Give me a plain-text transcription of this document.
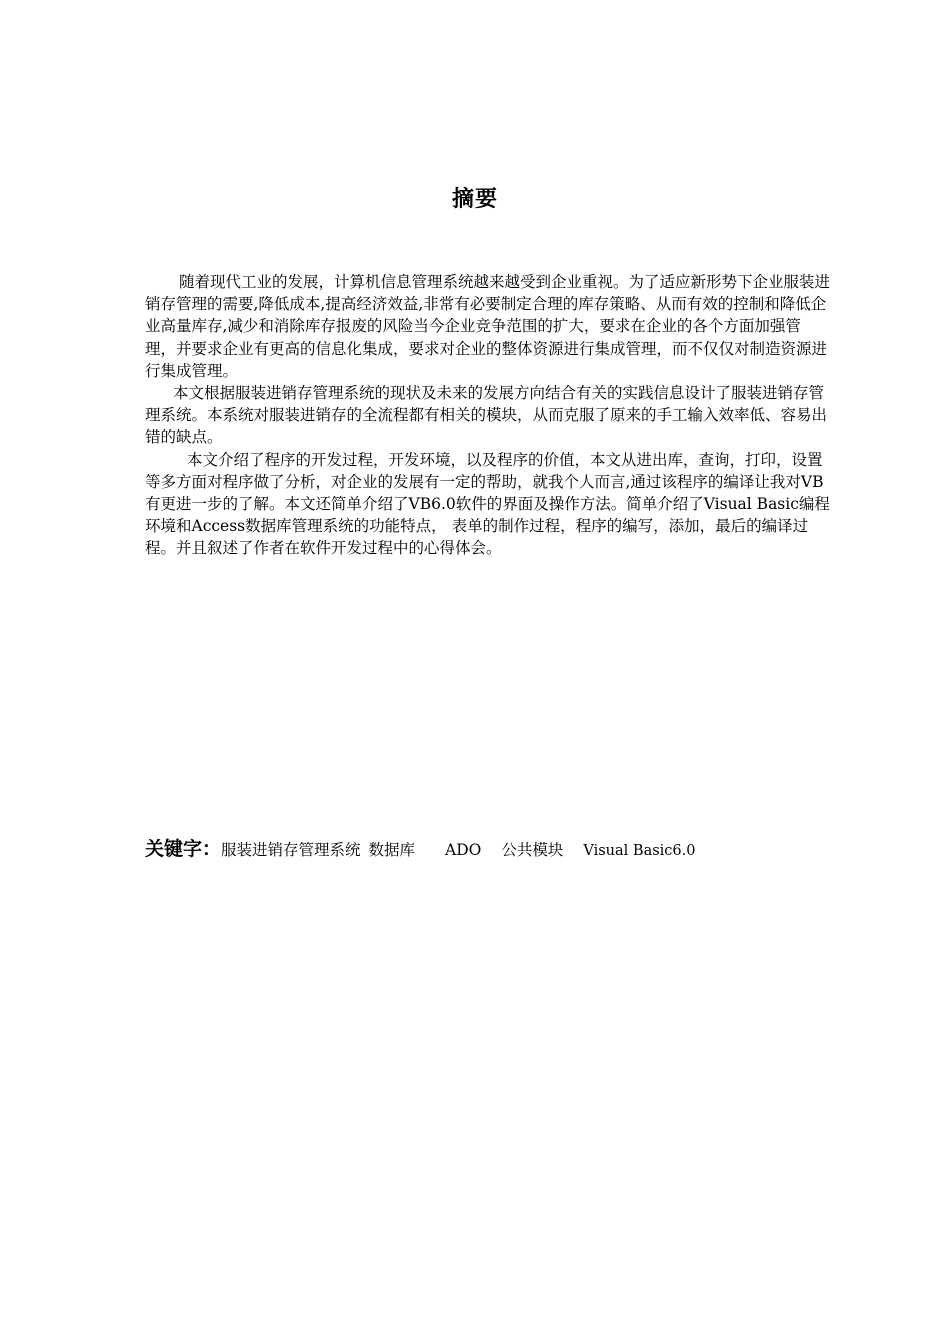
摘要

随着现代工业的发展，计算机信息管理系统越来越受到企业重视。为了适应新形势下企业服装进销存管理的需要,降低成本,提高经济效益,非常有必要制定合理的库存策略、从而有效的控制和降低企业高量库存,减少和消除库存报废的风险当今企业竞争范围的扩大，要求在企业的各个方面加强管理，并要求企业有更高的信息化集成，要求对企业的整体资源进行集成管理，而不仅仅对制造资源进行集成管理。

本文根据服装进销存管理系统的现状及未来的发展方向结合有关的实践信息设计了服装进销存管理系统。本系统对服装进销存的全流程都有相关的模块，从而克服了原来的手工输入效率低、容易出错的缺点。

本文介绍了程序的开发过程，开发环境，以及程序的价值，本文从进出库，查询，打印，设置等多方面对程序做了分析，对企业的发展有一定的帮助，就我个人而言,通过该程序的编译让我对VB有更进一步的了解。本文还简单介绍了VB6.0软件的界面及操作方法。简单介绍了Visual Basic编程环境和Access数据库管理系统的功能特点， 表单的制作过程，程序的编写，添加，最后的编译过程。并且叙述了作者在软件开发过程中的心得体会。

关键字：服装进销存管理系统 数据库 ADO 公共模块 Visual Basic6.0
